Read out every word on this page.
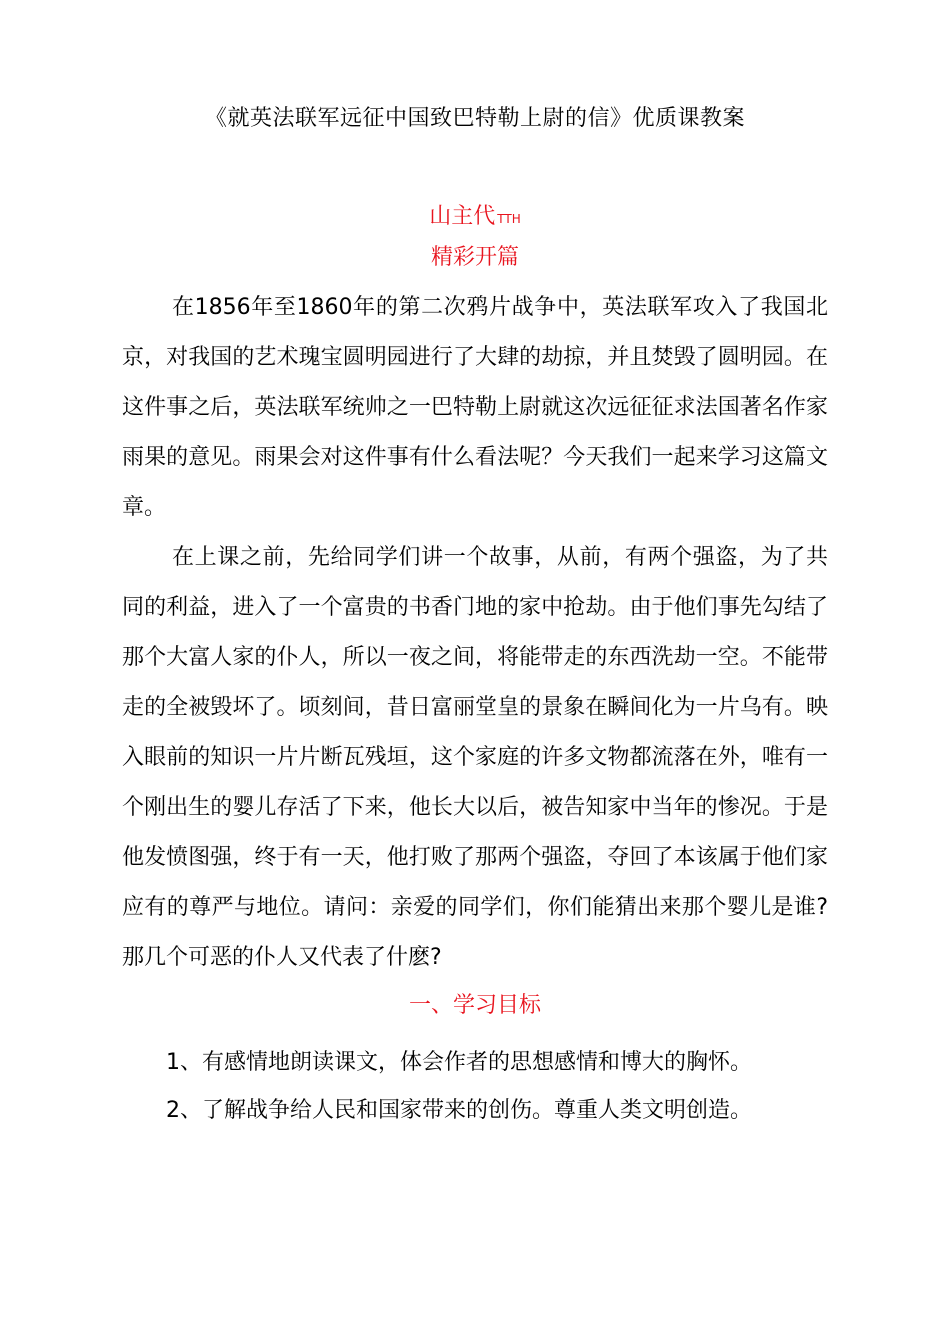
《就英法联军远征中国致巴特勒上尉的信》优质课教案
山主代 TTH
精彩开篇

在1856年至1860年的第二次鸦片战争中，英法联军攻入了我国北京，对我国的艺术瑰宝圆明园进行了大肆的劫掠，并且焚毁了圆明园。在这件事之后，英法联军统帅之一巴特勒上尉就这次远征征求法国著名作家雨果的意见。雨果会对这件事有什么看法呢？今天我们一起来学习这篇文章。

在上课之前，先给同学们讲一个故事，从前，有两个强盗，为了共同的利益，进入了一个富贵的书香门地的家中抢劫。由于他们事先勾结了那个大富人家的仆人，所以一夜之间，将能带走的东西洗劫一空。不能带走的全被毁坏了。顷刻间，昔日富丽堂皇的景象在瞬间化为一片乌有。映入眼前的知识一片片断瓦残垣，这个家庭的许多文物都流落在外，唯有一个刚出生的婴儿存活了下来，他长大以后，被告知家中当年的惨况。于是他发愤图强，终于有一天，他打败了那两个强盗，夺回了本该属于他们家应有的尊严与地位。请问：亲爱的同学们，你们能猜出来那个婴儿是谁?那几个可恶的仆人又代表了什麽?

一、学习目标
1、有感情地朗读课文，体会作者的思想感情和博大的胸怀。
2、了解战争给人民和国家带来的创伤。尊重人类文明创造。
